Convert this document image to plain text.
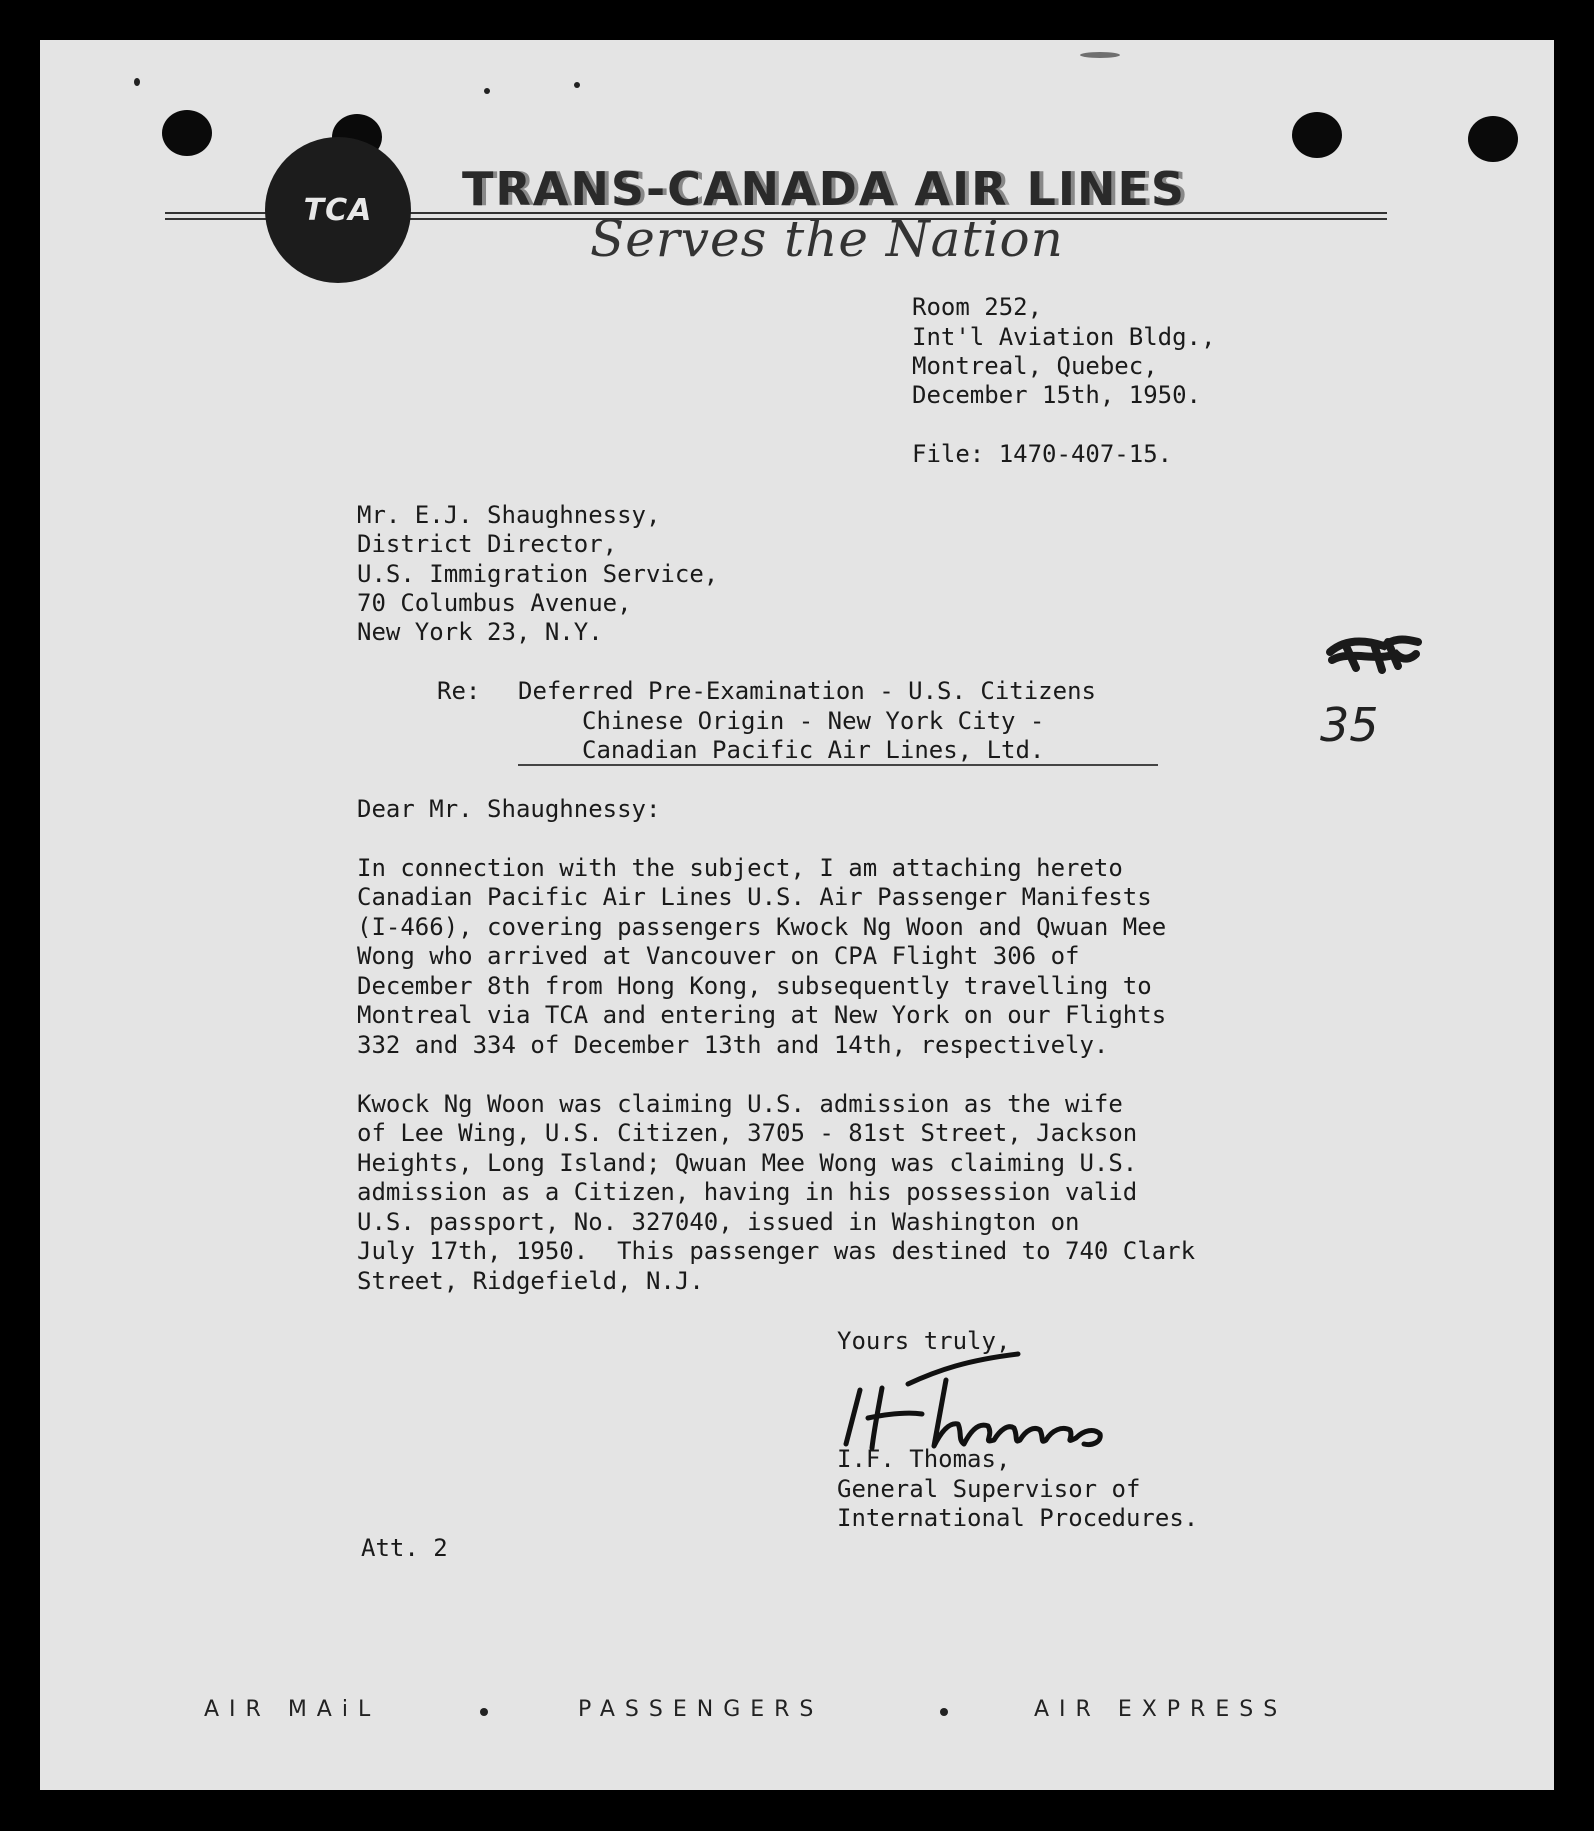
TCA TRANS-CANADA AIR LINES
Serves the Nation
Room 252,
Int'l Aviation Bldg.,
Montreal, Quebec,
December 15th, 1950.
File: 1470-407-15.
Mr. E.J. Shaughnessy,
District Director,
U.S. Immigration Service,
70 Columbus Avenue,
New York 23, N.Y.
Re: Deferred Pre-Examination - U.S. Citizens
Chinese Origin - New York City -
Canadian Pacific Air Lines, Ltd.	35
Dear Mr. Shaughnessy:
In connection with the subject, I am attaching hereto
Canadian Pacific Air Lines U.S. Air Passenger Manifests
(I-466), covering passengers Kwock Ng Woon and Qwuan Mee
Wong who arrived at Vancouver on CPA Flight 306 of
December 8th from Hong Kong, subsequently travelling to
Montreal via TCA and entering at New York on our Flights
332 and 334 of December 13th and 14th, respectively.
Kwock Ng Woon was claiming U.S. admission as the wife
of Lee Wing, U.S. Citizen, 3705 - 81st Street, Jackson
Heights, Long Island; Qwuan Mee Wong was claiming U.S.
admission as a Citizen, having in his possession valid
U.S. passport, No. 327040, issued in Washington on
July 17th, 1950.  This passenger was destined to 740 Clark
Street, Ridgefield, N.J.
Yours truly,
I.F. Thomas,
General Supervisor of
International Procedures.
Att. 2
AIR MAiL	PASSENGERS	AIR EXPRESS
